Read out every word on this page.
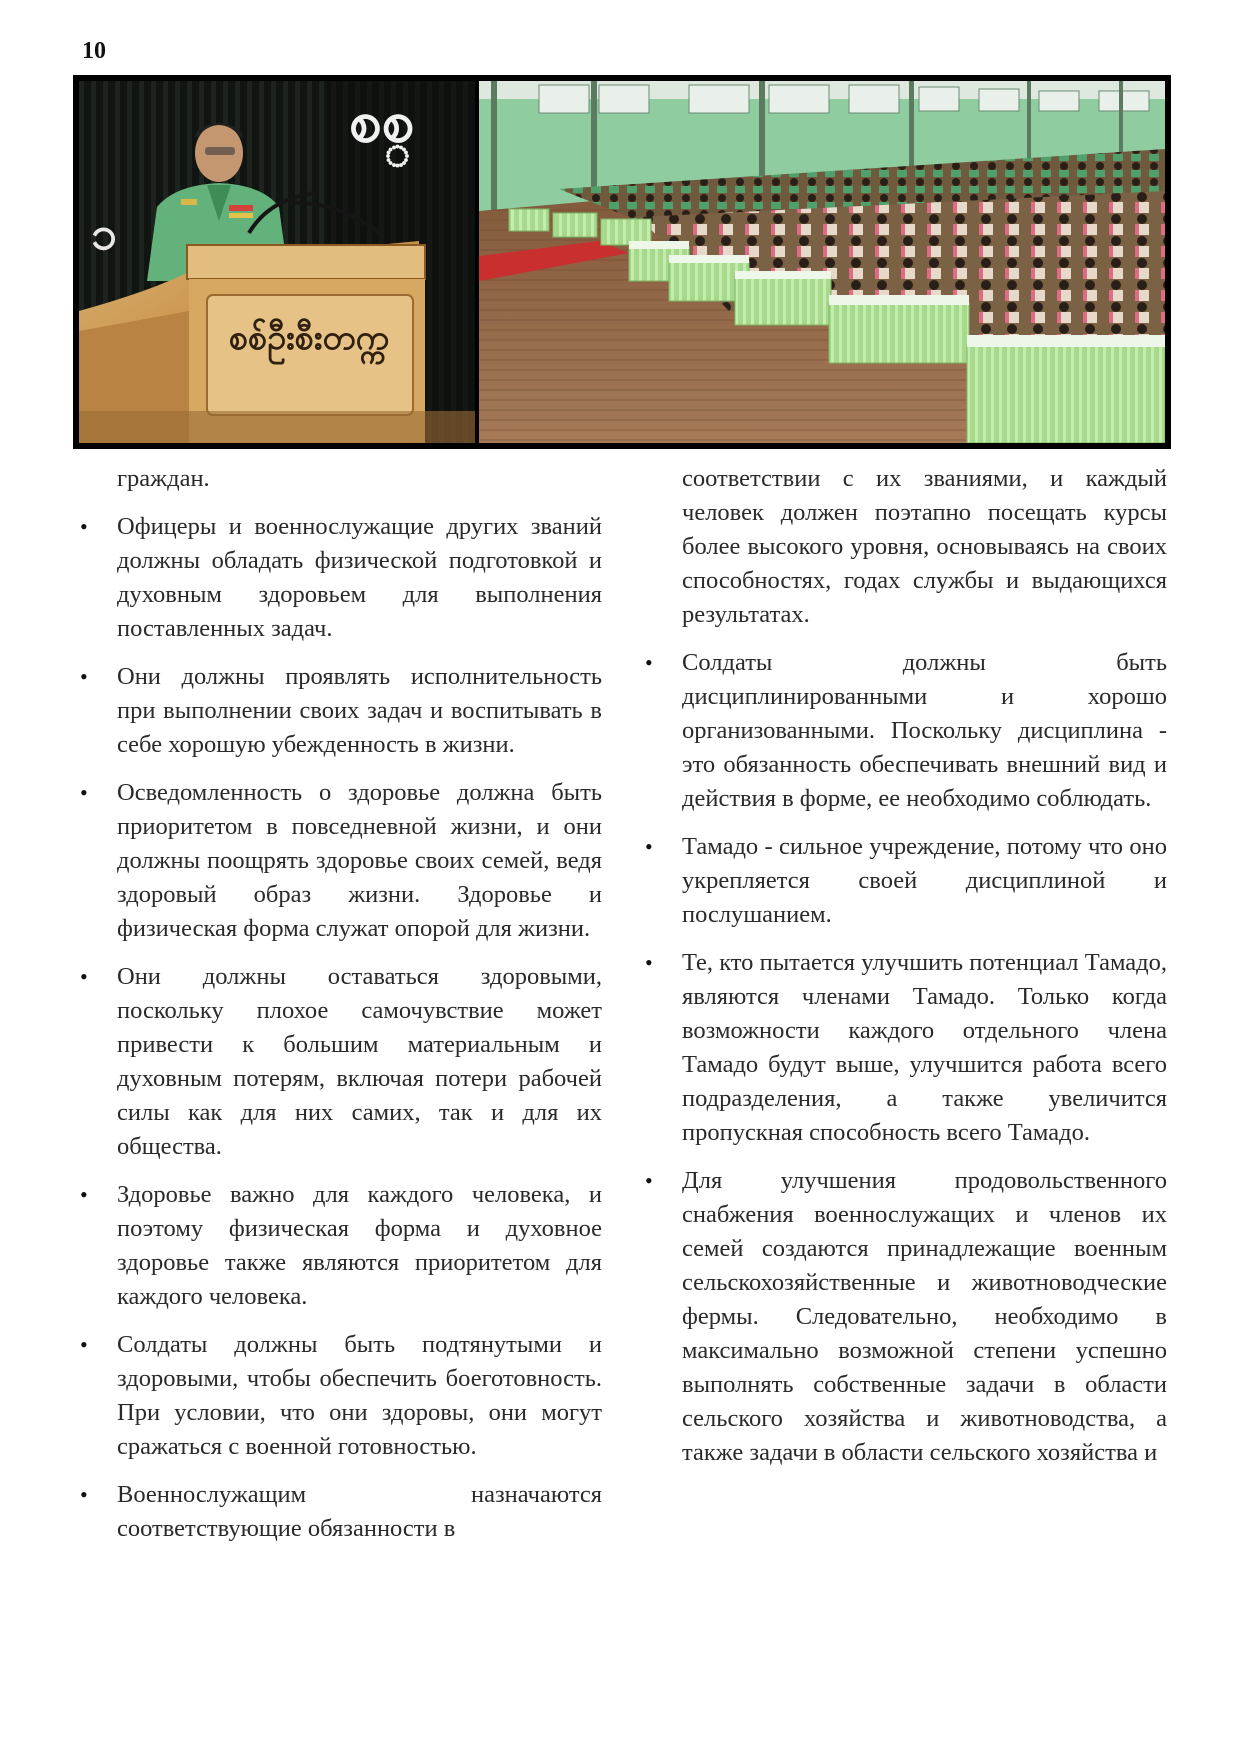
10
စစ္
၁
စစ်ဦးစီးတက္က

граждан.

• Офицеры и военнослужащие других званий должны обладать физической подготовкой и духовным здоровьем для выполнения поставленных задач.
• Они должны проявлять исполнительность при выполнении своих задач и воспитывать в себе хорошую убежденность в жизни.
• Осведомленность о здоровье должна быть приоритетом в повседневной жизни, и они должны поощрять здоровье своих семей, ведя здоровый образ жизни. Здоровье и физическая форма служат опорой для жизни.
• Они должны оставаться здоровыми, поскольку плохое самочувствие может привести к большим материальным и духовным потерям, включая потери рабочей силы как для них самих, так и для их общества.
• Здоровье важно для каждого человека, и поэтому физическая форма и духовное здоровье также являются приоритетом для каждого человека.
• Солдаты должны быть подтянутыми и здоровыми, чтобы обеспечить боеготовность. При условии, что они здоровы, они могут сражаться с военной готовностью.
• Военнослужащим назначаются соответствующие обязанности в

соответствии с их званиями, и каждый человек должен поэтапно посещать курсы более высокого уровня, основываясь на своих способностях, годах службы и выдающихся результатах.

• Солдаты должны быть дисциплинированными и хорошо организованными. Поскольку дисциплина - это обязанность обеспечивать внешний вид и действия в форме, ее необходимо соблюдать.
• Тамадо - сильное учреждение, потому что оно укрепляется своей дисциплиной и послушанием.
• Те, кто пытается улучшить потенциал Тамадо, являются членами Тамадо. Только когда возможности каждого отдельного члена Тамадо будут выше, улучшится работа всего подразделения, а также увеличится пропускная способность всего Тамадо.
• Для улучшения продовольственного снабжения военнослужащих и членов их семей создаются принадлежащие военным сельскохозяйственные и животноводческие фермы. Следовательно, необходимо в максимально возможной степени успешно выполнять собственные задачи в области сельского хозяйства и животноводства, а также задачи в области сельского хозяйства и
